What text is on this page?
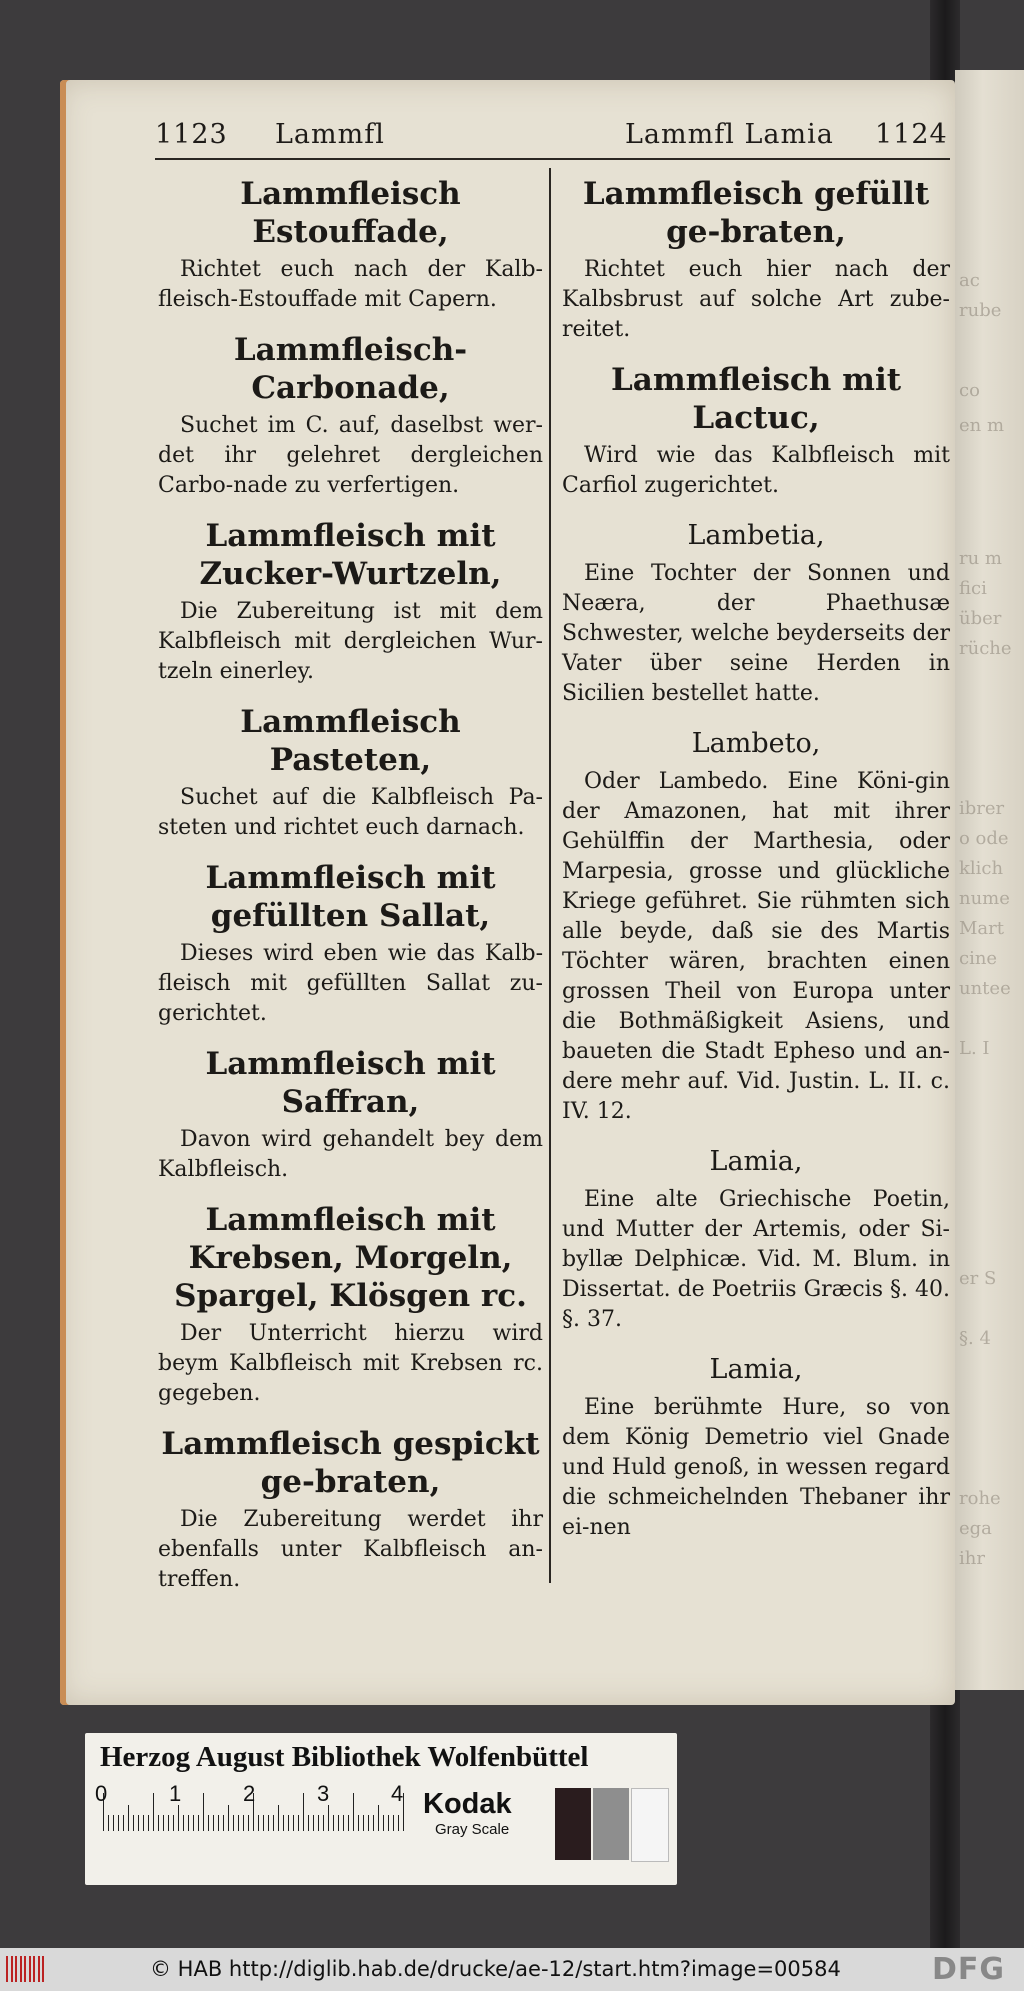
ac
rube
co
en m
ru m
fici
über
rüche
ibrer
o ode
klich
nume
Mart
cine
untee
L. I
er S
§. 4
rohe
ega
ihr
1123 Lammfl	Lammfl Lamia 1124
Lammfleisch Estouffade,
Richtet euch nach der Kalb-fleisch-Estouffade mit Capern.
Lammfleisch-Carbonade,
Suchet im C. auf, daselbst wer-det ihr gelehret dergleichen Carbo-nade zu verfertigen.
Lammfleisch mit Zucker-Wurtzeln,
Die Zubereitung ist mit dem Kalbfleisch mit dergleichen Wur-tzeln einerley.
Lammfleisch Pasteten,
Suchet auf die Kalbfleisch Pa-steten und richtet euch darnach.
Lammfleisch mit gefüllten Sallat,
Dieses wird eben wie das Kalb-fleisch mit gefüllten Sallat zu-gerichtet.
Lammfleisch mit Saffran,
Davon wird gehandelt bey dem Kalbfleisch.
Lammfleisch mit Krebsen, Morgeln, Spargel, Klösgen rc.
Der Unterricht hierzu wird beym Kalbfleisch mit Krebsen rc. gegeben.
Lammfleisch gespickt ge-braten,
Die Zubereitung werdet ihr ebenfalls unter Kalbfleisch an-treffen.
Lammfleisch gefüllt ge-braten,
Richtet euch hier nach der Kalbsbrust auf solche Art zube-reitet.
Lammfleisch mit Lactuc,
Wird wie das Kalbfleisch mit Carfiol zugerichtet.
Lambetia,
Eine Tochter der Sonnen und Neæra, der Phaethusæ Schwester, welche beyderseits der Vater über seine Herden in Sicilien bestellet hatte.
Lambeto,
Oder Lambedo. Eine Köni-gin der Amazonen, hat mit ihrer Gehülffin der Marthesia, oder Marpesia, grosse und glückliche Kriege geführet. Sie rühmten sich alle beyde, daß sie des Martis Töchter wären, brachten einen grossen Theil von Europa unter die Bothmäßigkeit Asiens, und baueten die Stadt Epheso und an-dere mehr auf. Vid. Justin. L. II. c. IV. 12.
Lamia,
Eine alte Griechische Poetin, und Mutter der Artemis, oder Si-byllæ Delphicæ. Vid. M. Blum. in Dissertat. de Poetriis Græcis §. 40. §. 37.
Lamia,
Eine berühmte Hure, so von dem König Demetrio viel Gnade und Huld genoß, in wessen regard die schmeichelnden Thebaner ihr ei-nen
Herzog August Bibliothek Wolfenbüttel
0	1	2	3	4 Kodak
Gray Scale
© HAB http://diglib.hab.de/drucke/ae-12/start.htm?image=00584	DFG
